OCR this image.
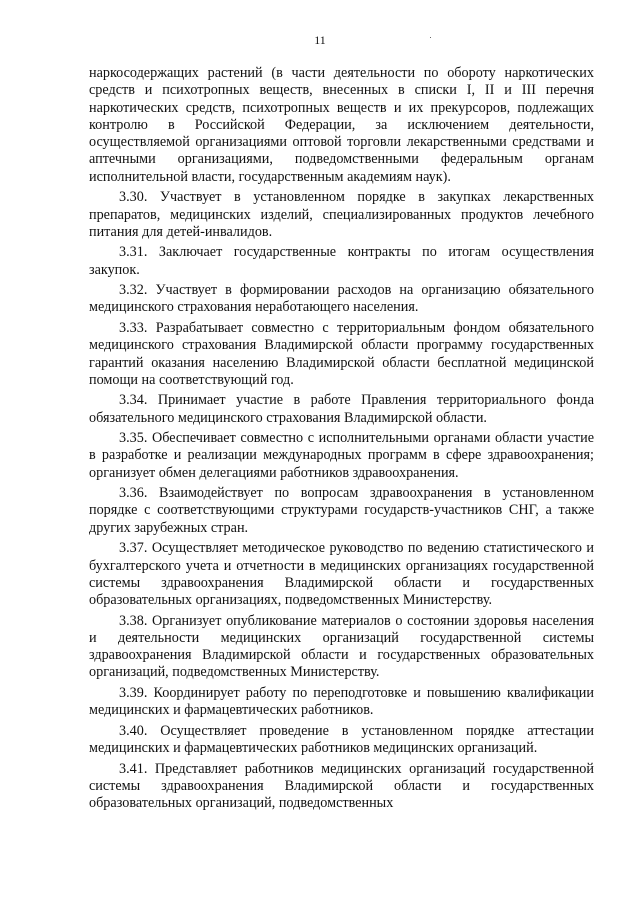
11

наркосодержащих растений (в части деятельности по обороту наркотических средств и психотропных веществ, внесенных в списки I, II и III перечня наркотических средств, психотропных веществ и их прекурсоров, подлежащих контролю в Российской Федерации, за исключением деятельности, осуществляемой организациями оптовой торговли лекарственными средствами и аптечными организациями, подведомственными федеральным органам исполнительной власти, государственным академиям наук).

3.30. Участвует в установленном порядке в закупках лекарственных препаратов, медицинских изделий, специализированных продуктов лечебного питания для детей-инвалидов.

3.31. Заключает государственные контракты по итогам осуществления закупок.

3.32. Участвует в формировании расходов на организацию обязательного медицинского страхования неработающего населения.

3.33. Разрабатывает совместно с территориальным фондом обязательного медицинского страхования Владимирской области программу государственных гарантий оказания населению Владимирской области бесплатной медицинской помощи на соответствующий год.

3.34. Принимает участие в работе Правления территориального фонда обязательного медицинского страхования Владимирской области.

3.35. Обеспечивает совместно с исполнительными органами области участие в разработке и реализации международных программ в сфере здравоохранения; организует обмен делегациями работников здравоохранения.

3.36. Взаимодействует по вопросам здравоохранения в установленном порядке с соответствующими структурами государств-участников СНГ, а также других зарубежных стран.

3.37. Осуществляет методическое руководство по ведению статистического и бухгалтерского учета и отчетности в медицинских организациях государственной системы здравоохранения Владимирской области и государственных образовательных организациях, подведомственных Министерству.

3.38. Организует опубликование материалов о состоянии здоровья населения и деятельности медицинских организаций государственной системы здравоохранения Владимирской области и государственных образовательных организаций, подведомственных Министерству.

3.39. Координирует работу по переподготовке и повышению квалификации медицинских и фармацевтических работников.

3.40. Осуществляет проведение в установленном порядке аттестации медицинских и фармацевтических работников медицинских организаций.

3.41. Представляет работников медицинских организаций государственной системы здравоохранения Владимирской области и государственных образовательных организаций, подведомственных
